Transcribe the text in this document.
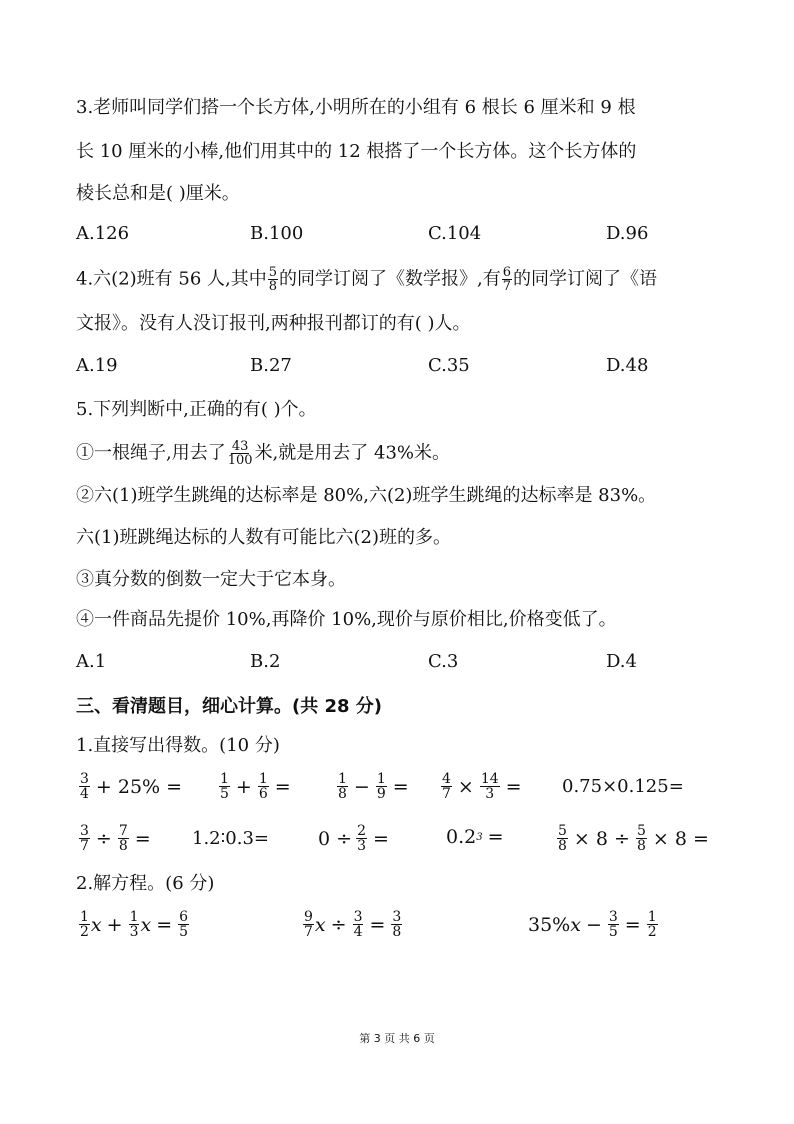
3.老师叫同学们搭一个长方体,小明所在的小组有 6 根长 6 厘米和 9 根
长 10 厘米的小棒,他们用其中的 12 根搭了一个长方体。这个长方体的
棱长总和是( )厘米。
A.126	B.100	C.104	D.96
4.六(2)班有 56 人,其中 $\frac{5}{8}$ 的同学订阅了《数学报》,有 $\frac{6}{7}$ 的同学订阅了《语
文报》。没有人没订报刊,两种报刊都订的有( )人。
A.19	B.27	C.35	D.48
5.下列判断中,正确的有( )个。
①一根绳子,用去了 $\frac{43}{100}$ 米,就是用去了 43%米。
②六(1)班学生跳绳的达标率是 80%,六(2)班学生跳绳的达标率是 83%。
六(1)班跳绳达标的人数有可能比六(2)班的多。
③真分数的倒数一定大于它本身。
④一件商品先提价 10%,再降价 10%,现价与原价相比,价格变低了。
A.1	B.2	C.3	D.4
三、看清题目，细心计算。(共 28 分)
1.直接写出得数。(10 分)
$\frac{3}{4} + 25\%$ =	$\frac{1}{5} + \frac{1}{6}$ =	$\frac{1}{8} - \frac{1}{9} = \frac{4}{7} \times \frac{14}{3} = 0.75\times 0.125=$
$\frac{3}{7} \div \frac{7}{8}$ = 1.2∶0.3=	$0 \div \frac{2}{3}$ =	0.2 3 =	$\frac{5}{8} \times 8 \div \frac{5}{8} \times 8$ =
2.解方程。(6 分)
$\frac{1}{2}$ $x + \frac{1}{3}$ $x = \frac{6}{5}$	$\frac{9}{7}$ $x \div \frac{3}{4} = \frac{3}{8}$	35% $x - \frac{3}{5} = \frac{1}{2}$
第 3 页 共 6 页
